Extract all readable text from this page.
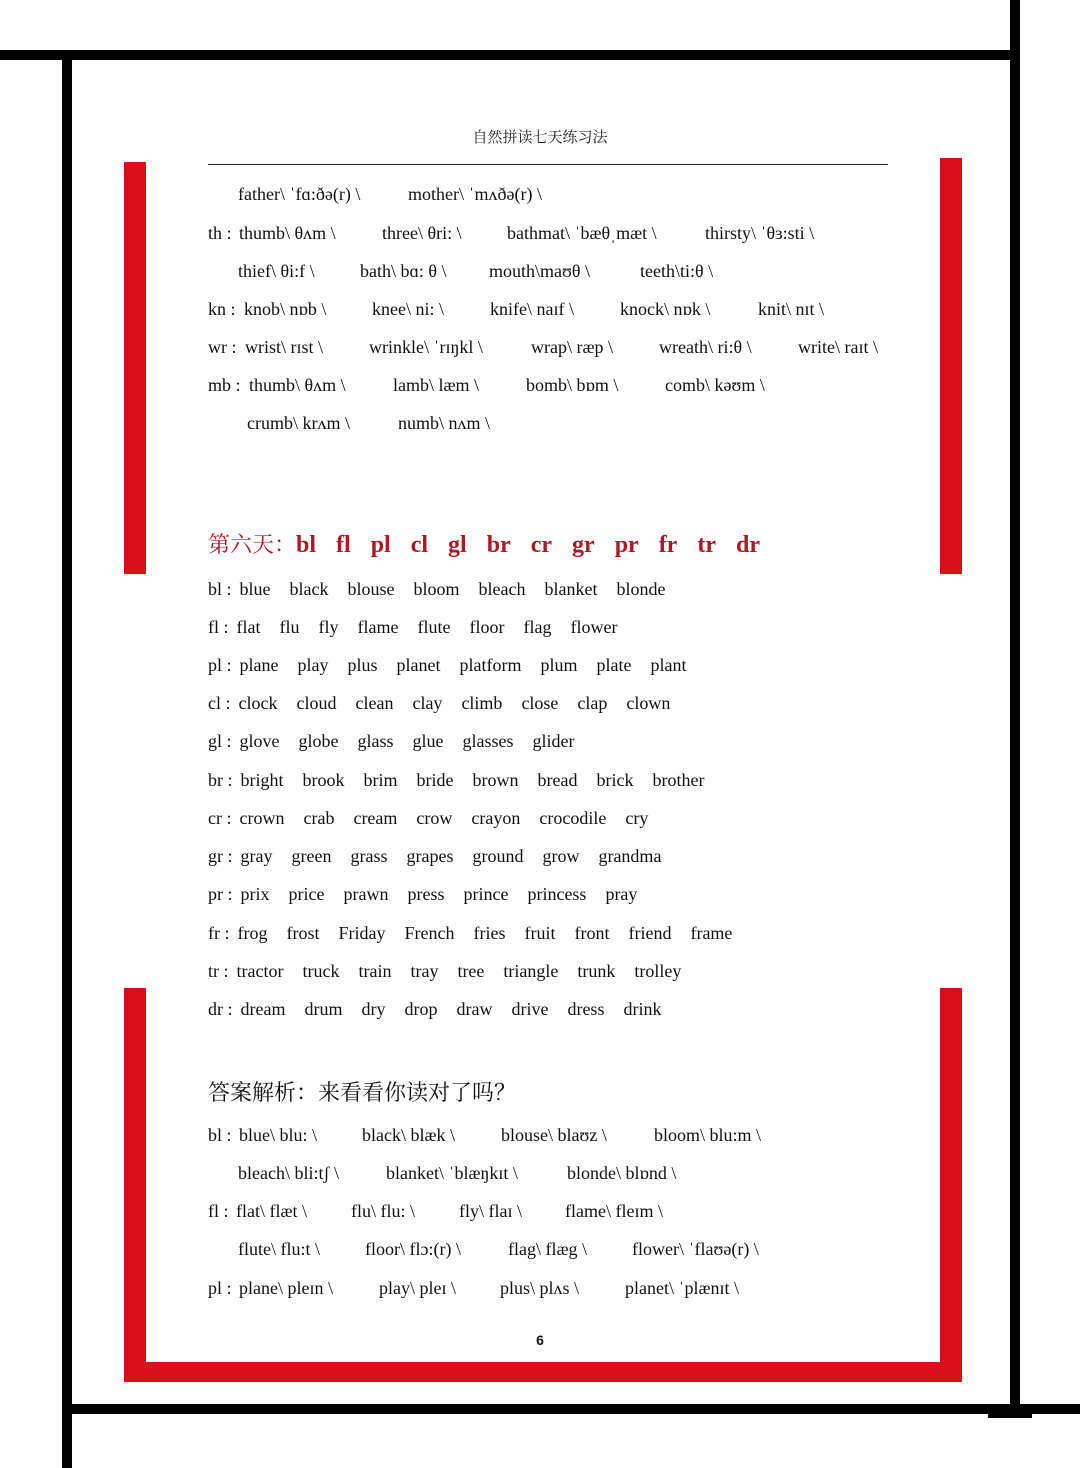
自然拼读七天练习法
father\ ˈfɑ:ðə(r) \	mother\ ˈmʌðə(r) \
th : thumb\ θʌm \	three\ θri: \	bathmat\ ˈbæθˌmæt \	thirsty\ ˈθɜ:sti \
thief\ θi:f \	bath\ bɑ: θ \ mouth\maʊθ \	teeth\ti:θ \
kn : knob\ nɒb \	knee\ ni: \	knife\ naɪf \	knock\ nɒk \	knit\ nɪt \
wr : wrist\ rɪst \	wrinkle\ ˈrɪŋkl \	wrap\ ræp \	wreath\ ri:θ \	write\ raɪt \
mb : thumb\ θʌm \	lamb\ læm \	bomb\ bɒm \	comb\ kəʊm \
crumb\ krʌm \	numb\ nʌm \
第六天：bl fl pl cl gl br cr gr pr fr tr dr
bl : blue black blouse bloom bleach blanket blonde
fl : flat flu fly flame flute floor flag flower
pl : plane play plus planet platform plum plate plant
cl : clock cloud clean clay climb close clap clown
gl : glove globe glass glue glasses glider
br : bright brook brim bride brown bread brick brother
cr : crown crab cream crow crayon crocodile cry
gr : gray green grass grapes ground grow grandma
pr : prix price prawn press prince princess pray
fr : frog frost Friday French fries fruit front friend frame
tr : tractor truck train tray tree triangle trunk trolley
dr : dream drum dry drop draw drive dress drink
答案解析：来看看你读对了吗？
bl : blue\ blu: \	black\ blæk \	blouse\ blaʊz \	bloom\ blu:m \
bleach\ bli:tʃ \	blanket\ ˈblæŋkɪt \	blonde\ blɒnd \
fl : flat\ flæt \ flu\ flu: \ fly\ flaɪ \ flame\ fleɪm \
flute\ flu:t \	floor\ flɔ:(r) \	flag\ flæg \	flower\ ˈflaʊə(r) \
pl : plane\ pleɪn \	play\ pleɪ \ plus\ plʌs \	planet\ ˈplænɪt \
6
